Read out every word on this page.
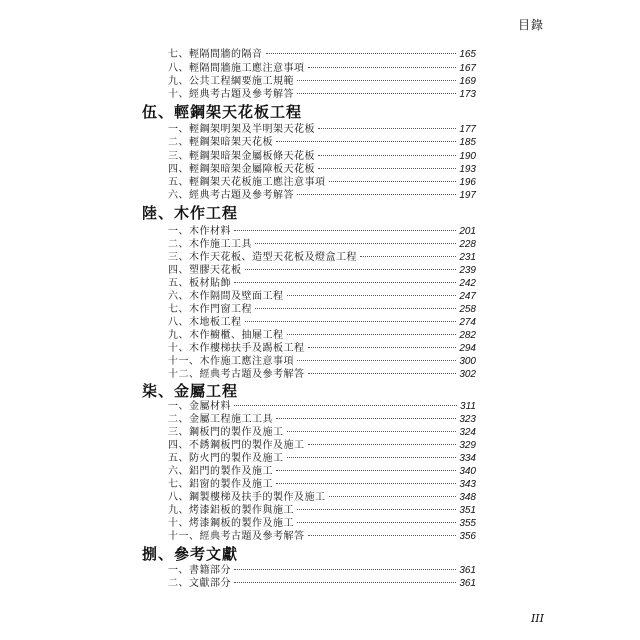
目錄
七、輕隔間牆的隔音	165
八、輕隔間牆施工應注意事項	167
九、公共工程綱要施工規範	169
十、經典考古題及參考解答	173
伍、輕鋼架天花板工程
一、輕鋼架明架及半明架天花板	177
二、輕鋼架暗架天花板	185
三、輕鋼架暗架金屬板條天花板	190
四、輕鋼架暗架金屬障板天花板	193
五、輕鋼架天花板施工應注意事項	196
六、經典考古題及參考解答	197
陸、木作工程
一、木作材料	201
二、木作施工工具	228
三、木作天花板、造型天花板及燈盒工程	231
四、塑膠天花板	239
五、板材貼飾	242
六、木作隔間及壁面工程	247
七、木作門窗工程	258
八、木地板工程	274
九、木作櫥櫃、抽屜工程	282
十、木作樓梯扶手及踢板工程	294
十一、木作施工應注意事項	300
十二、經典考古題及參考解答	302
柒、金屬工程
一、金屬材料	311
二、金屬工程施工工具	323
三、鋼板門的製作及施工	324
四、不銹鋼板門的製作及施工	329
五、防火門的製作及施工	334
六、鋁門的製作及施工	340
七、鋁窗的製作及施工	343
八、鋼製樓梯及扶手的製作及施工	348
九、烤漆鋁板的製作與施工	351
十、烤漆鋼板的製作及施工	355
十一、經典考古題及參考解答	356
捌、參考文獻
一、書籍部分	361
二、文獻部分	361
III
